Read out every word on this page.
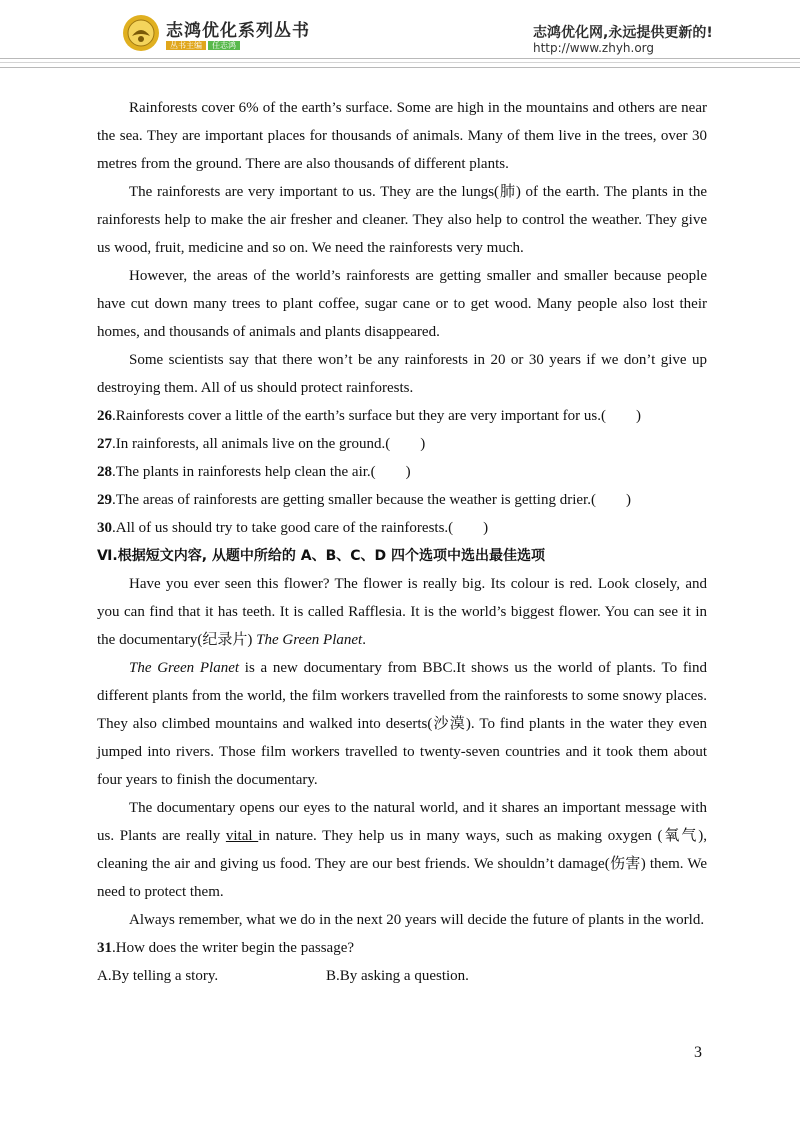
志鸿优化系列丛书
丛书主编 任志鸿
志鸿优化网,永远提供更新的!
http://www.zhyh.org

Rainforests cover 6% of the earth’s surface. Some are high in the mountains and others are near the sea. They are important places for thousands of animals. Many of them live in the trees, over 30 metres from the ground. There are also thousands of different plants.

The rainforests are very important to us. They are the lungs(肺) of the earth. The plants in the rainforests help to make the air fresher and cleaner. They also help to control the weather. They give us wood, fruit, medicine and so on. We need the rainforests very much.

However, the areas of the world’s rainforests are getting smaller and smaller because people have cut down many trees to plant coffee, sugar cane or to get wood. Many people also lost their homes, and thousands of animals and plants disappeared.

Some scientists say that there won’t be any rainforests in 20 or 30 years if we don’t give up destroying them. All of us should protect rainforests.

26.Rainforests cover a little of the earth’s surface but they are very important for us.(        )

27.In rainforests, all animals live on the ground.(        )

28.The plants in rainforests help clean the air.(        )

29.The areas of rainforests are getting smaller because the weather is getting drier.(        )

30.All of us should try to take good care of the rainforests.(        )

Ⅵ.根据短文内容, 从题中所给的 A、B、C、D 四个选项中选出最佳选项

Have you ever seen this flower? The flower is really big. Its colour is red. Look closely, and you can find that it has teeth. It is called Rafflesia. It is the world’s biggest flower. You can see it in the documentary(纪录片) The Green Planet.

The Green Planet is a new documentary from BBC.It shows us the world of plants. To find different plants from the world, the film workers travelled from the rainforests to some snowy places. They also climbed mountains and walked into deserts(沙漠). To find plants in the water they even jumped into rivers. Those film workers travelled to twenty-seven countries and it took them about four years to finish the documentary.

The documentary opens our eyes to the natural world, and it shares an important message with us. Plants are really vital in nature. They help us in many ways, such as making oxygen (氧气), cleaning the air and giving us food. They are our best friends. We shouldn’t damage(伤害) them. We need to protect them.

Always remember, what we do in the next 20 years will decide the future of plants in the world.

31.How does the writer begin the passage?

A.By telling a story.	B.By asking a question.
3
